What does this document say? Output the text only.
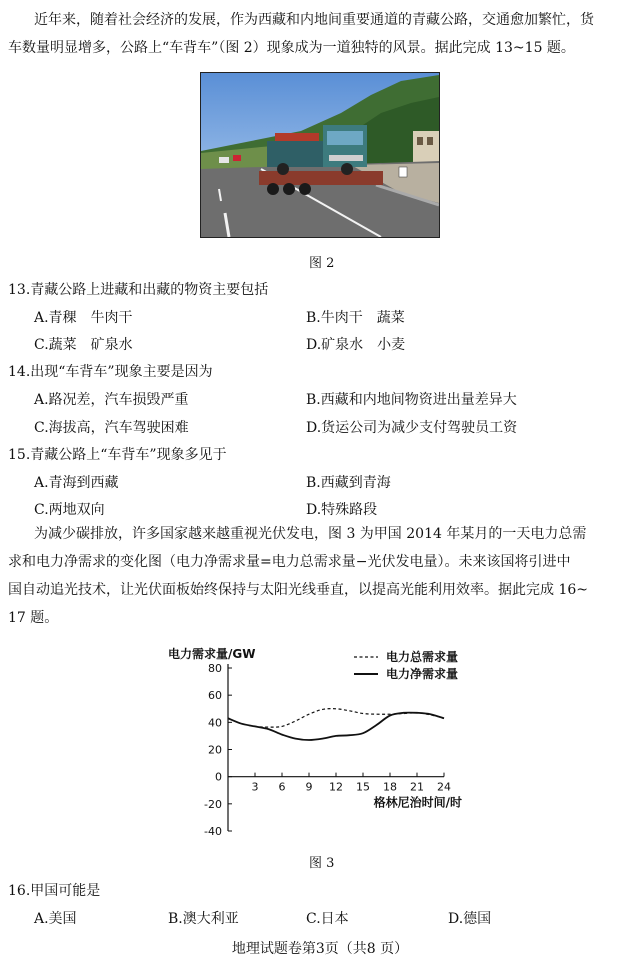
近年来，随着社会经济的发展，作为西藏和内地间重要通道的青藏公路，交通愈加繁忙，货
车数量明显增多，公路上“车背车”（图 2）现象成为一道独特的风景。据此完成 13~15 题。
图 2
13.青藏公路上进藏和出藏的物资主要包括
A.青稞　牛肉干	B.牛肉干　蔬菜
C.蔬菜　矿泉水	D.矿泉水　小麦
14.出现“车背车”现象主要是因为
A.路况差，汽车损毁严重	B.西藏和内地间物资进出量差异大
C.海拔高，汽车驾驶困难	D.货运公司为减少支付驾驶员工资
15.青藏公路上“车背车”现象多见于
A.青海到西藏	B.西藏到青海
C.两地双向	D.特殊路段
为减少碳排放，许多国家越来越重视光伏发电，图 3 为甲国 2014 年某月的一天电力总需
求和电力净需求的变化图（电力净需求量=电力总需求量−光伏发电量）。未来该国将引进中
国自动追光技术，让光伏面板始终保持与太阳光线垂直，以提高光能利用效率。据此完成 16~
17 题。
-40
-20
0
20
40
60
80
3 6 9 12 15 18 21 24
电力需求量/GW
格林尼治时间/时
电力总需求量
电力净需求量
图 3
16.甲国可能是
A.美国	B.澳大利亚	C.日本	D.德国
地理试题卷第3页（共8 页）
